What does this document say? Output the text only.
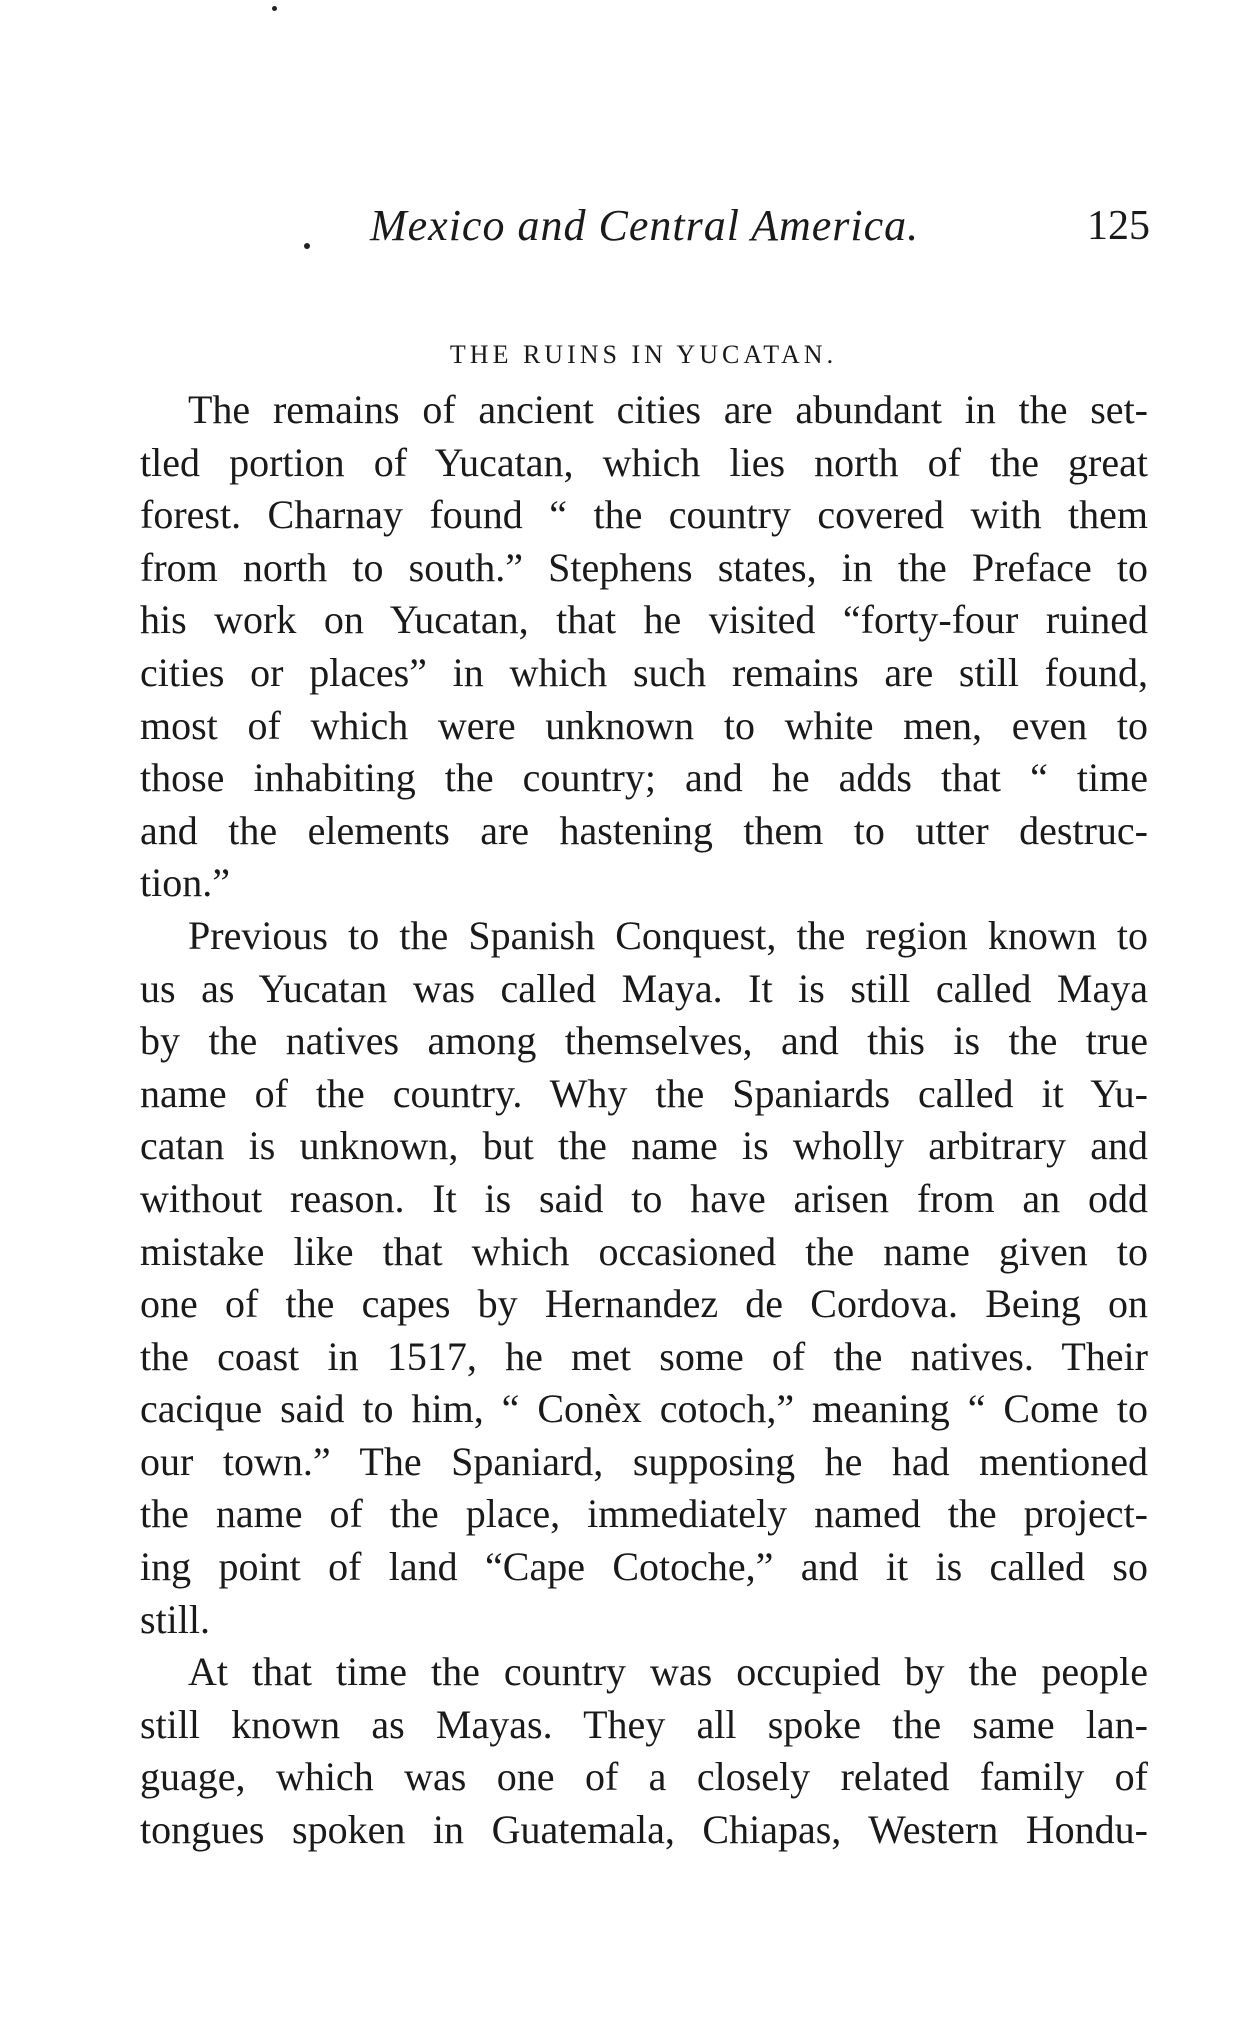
Mexico and Central America.	125
THE RUINS IN YUCATAN.

The remains of ancient cities are abundant in the set-
tled portion of Yucatan, which lies north of the great
forest. Charnay found “ the country covered with them
from north to south.” Stephens states, in the Preface to
his work on Yucatan, that he visited “forty-four ruined
cities or places” in which such remains are still found,
most of which were unknown to white men, even to
those inhabiting the country; and he adds that “ time
and the elements are hastening them to utter destruc-
tion.”

Previous to the Spanish Conquest, the region known to
us as Yucatan was called Maya. It is still called Maya
by the natives among themselves, and this is the true
name of the country. Why the Spaniards called it Yu-
catan is unknown, but the name is wholly arbitrary and
without reason. It is said to have arisen from an odd
mistake like that which occasioned the name given to
one of the capes by Hernandez de Cordova. Being on
the coast in 1517, he met some of the natives. Their
cacique said to him, “ Conèx cotoch,” meaning “ Come to
our town.” The Spaniard, supposing he had mentioned
the name of the place, immediately named the project-
ing point of land “Cape Cotoche,” and it is called so
still.

At that time the country was occupied by the people
still known as Mayas. They all spoke the same lan-
guage, which was one of a closely related family of
tongues spoken in Guatemala, Chiapas, Western Hondu-
